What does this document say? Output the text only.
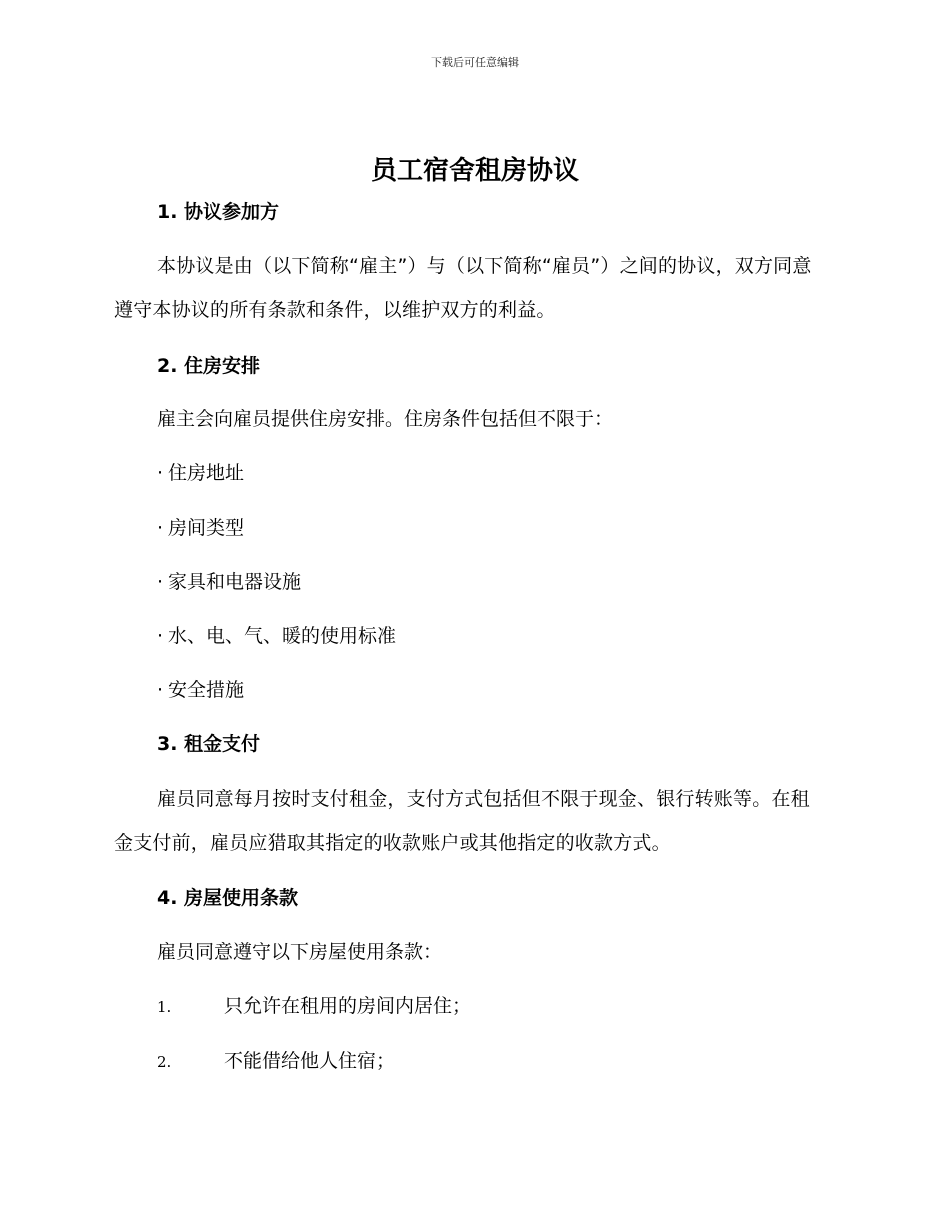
下载后可任意编辑
员工宿舍租房协议
1. 协议参加方

本协议是由（以下简称“雇主”）与（以下简称“雇员”）之间的协议，双方同意遵守本协议的所有条款和条件，以维护双方的利益。

2. 住房安排
雇主会向雇员提供住房安排。住房条件包括但不限于：
· 住房地址
· 房间类型
· 家具和电器设施
· 水、电、气、暖的使用标准
· 安全措施
3. 租金支付

雇员同意每月按时支付租金，支付方式包括但不限于现金、银行转账等。在租金支付前，雇员应猎取其指定的收款账户或其他指定的收款方式。

4. 房屋使用条款
雇员同意遵守以下房屋使用条款：
1.	只允许在租用的房间内居住；
2.	不能借给他人住宿；
